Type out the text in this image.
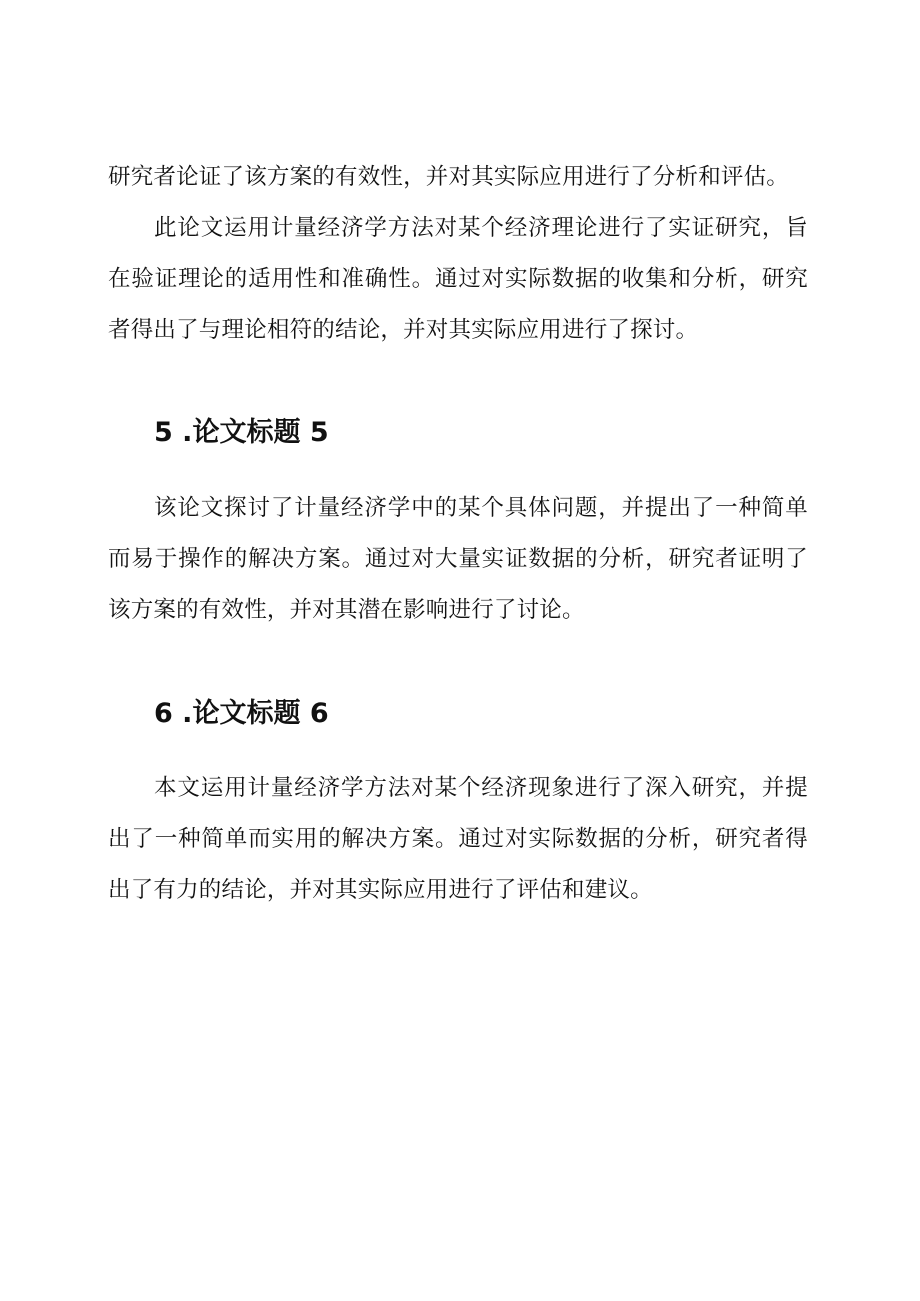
研究者论证了该方案的有效性，并对其实际应用进行了分析和评估。

此论文运用计量经济学方法对某个经济理论进行了实证研究，旨在验证理论的适用性和准确性。通过对实际数据的收集和分析，研究者得出了与理论相符的结论，并对其实际应用进行了探讨。

5 .论文标题 5

该论文探讨了计量经济学中的某个具体问题，并提出了一种简单而易于操作的解决方案。通过对大量实证数据的分析，研究者证明了该方案的有效性，并对其潜在影响进行了讨论。

6 .论文标题 6

本文运用计量经济学方法对某个经济现象进行了深入研究，并提出了一种简单而实用的解决方案。通过对实际数据的分析，研究者得出了有力的结论，并对其实际应用进行了评估和建议。
